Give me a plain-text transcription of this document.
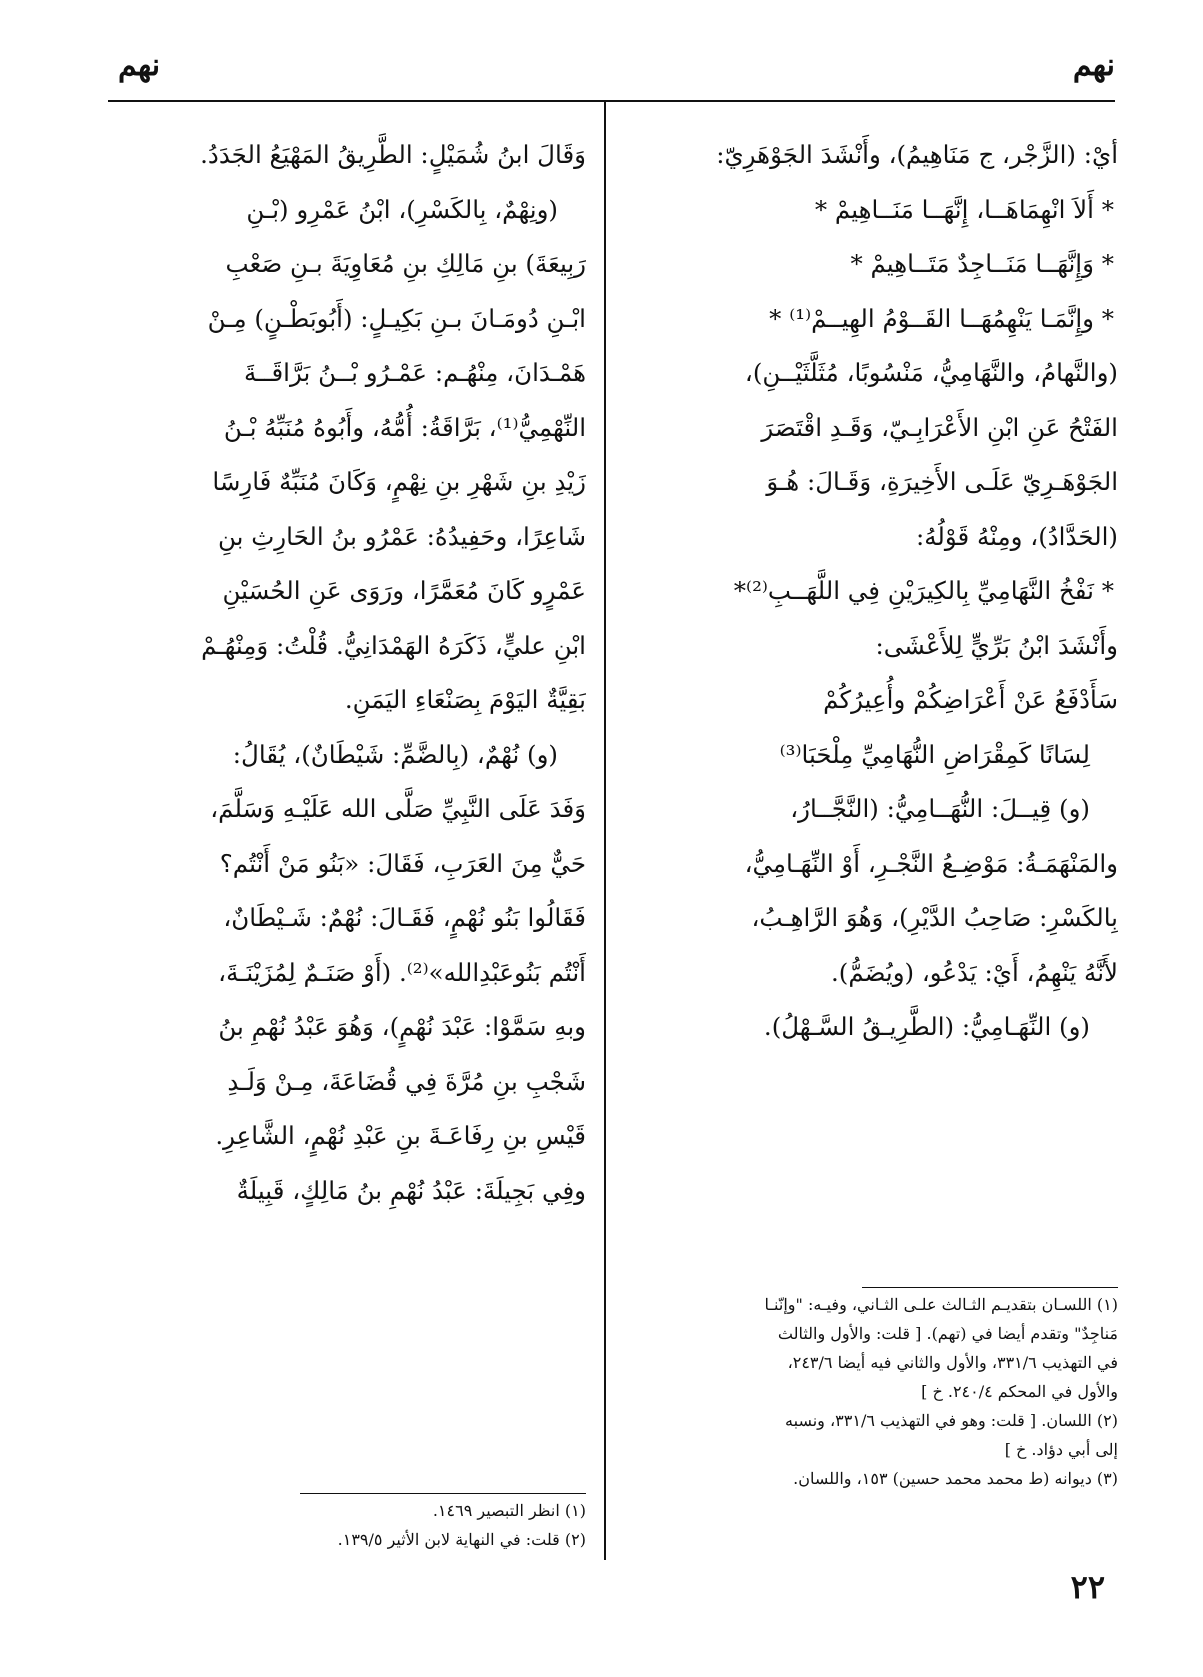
نهم
نهم
أيْ: (الزَّجْر، ج مَنَاهِيمُ)، وأَنْشَدَ الجَوْهَرِيّ:
* أَلاَ انْهِمَاهَــا، إِنَّهَــا مَنَــاهِيمْ *
* وَإِنَّهَــا مَنَــاجِدٌ مَتَــاهِيمْ *
* وإِنَّمَـا يَنْهِمُهَــا القَــوْمُ الهِيــمْ⁽¹⁾ *
(والنَّهامُ، والنَّهَامِيُّ، مَنْسُوبًا، مُثَلَّثَيْــنِ)،
الفَتْحُ عَنِ ابْنِ الأَعْرَابِـيّ، وَقَـدِ اقْتَصَرَ
الجَوْهَـرِيّ عَلَـى الأَخِيرَةِ، وَقَـالَ: هُـوَ
(الحَدَّادُ)، ومِنْهُ قَوْلُهُ:
* نَفْخُ النَّهَامِيِّ بِالكِيرَيْنِ فِي اللَّهَــبِ⁽²⁾*
وأَنْشَدَ ابْنُ بَرِّيٍّ لِلأَعْشَى:
سَأَدْفَعُ عَنْ أَعْرَاضِكُمْ وأُعِيرُكُمْ
لِسَانًا كَمِقْرَاضِ النُّهَامِيِّ مِلْحَبَا⁽³⁾
(و) قِيــلَ: النُّهَــامِيُّ: (النَّجَّــارُ،
والمَنْهَمَـةُ: مَوْضِـعُ النَّجْـرِ، أَوْ النِّهَـامِيُّ،
بِالكَسْرِ: صَاحِبُ الدَّيْرِ)، وَهُوَ الرَّاهِـبُ،
لأَنَّهُ يَنْهِمُ، أَيْ: يَدْعُو، (ويُضَمُّ).
(و) النِّهَـامِيُّ: (الطَّرِيـقُ السَّـهْلُ).
وَقَالَ ابنُ شُمَيْلٍ: الطَّرِيقُ المَهْيَعُ الجَدَدُ.
(ونِهْمٌ، بِالكَسْرِ)، ابْنُ عَمْرِو (بْـنِ
رَبِيعَةَ) بنِ مَالِكِ بنِ مُعَاوِيَةَ بـنِ صَعْبِ
ابْـنِ دُومَـانَ بـنِ بَكِيـلٍ: (أَبُوبَطْـنٍ) مِـنْ
هَمْـدَانَ، مِنْهُـم: عَمْـرُو بْــنُ بَرَّاقَــةَ
النِّهْمِيُّ⁽¹⁾، بَرَّاقَةُ: أُمُّهُ، وأَبُوهُ مُنَبِّهُ بْـنُ
زَيْدِ بنِ شَهْرِ بنِ نِهْمٍ، وَكَانَ مُنَبِّهٌ فَارِسًا
شَاعِرًا، وحَفِيدُهُ: عَمْرُو بنُ الحَارِثِ بنِ
عَمْرٍو كَانَ مُعَمَّرًا، ورَوَى عَنِ الحُسَيْنِ
ابْنِ عليٍّ، ذَكَرَهُ الهَمْدَانِيُّ. قُلْتُ: وَمِنْهُـمْ
بَقِيَّةٌ اليَوْمَ بِصَنْعَاءِ اليَمَنِ.
(و) نُهْمٌ، (بِالضَّمِّ: شَيْطَانٌ)، يُقَالُ:
وَفَدَ عَلَى النَّبِيِّ صَلَّى الله عَلَيْـهِ وَسَلَّمَ،
حَيٌّ مِنَ العَرَبِ، فَقَالَ: «بَنُو مَنْ أَنْتُم؟
فَقَالُوا بَنُو نُهْمٍ، فَقَـالَ: نُهْمٌ: شَـيْطَانٌ،
أَنْتُم بَنُوعَبْدِالله»⁽²⁾. (أَوْ صَنَـمٌ لِمُزَيْنَـةَ،
وبهِ سَمَّوْا: عَبْدَ نُهْمٍ)، وَهُوَ عَبْدُ نُهْمِ بنُ
شَجْبِ بنِ مُرَّةَ فِي قُضَاعَةَ، مِـنْ وَلَـدِ
قَيْسِ بنِ رِفَاعَـةَ بنِ عَبْدِ نُهْمٍ، الشَّاعِرِ.
وفِي بَجِيلَةَ: عَبْدُ نُهْمِ بنُ مَالِكٍ، قَبِيلَةٌ
(١) اللسـان بتقديـم الثـالث علـى الثـاني، وفيـه: "وإنّنـا
مَناجِدٌ" وتقدم أيضا في (تهم). [ قلت: والأول والثالث
في التهذيب ٣٣١/٦، والأول والثاني فيه أيضا ٢٤٣/٦،
والأول في المحكم ٢٤٠/٤. خ ]
(٢) اللسان. [ قلت: وهو في التهذيب ٣٣١/٦، ونسبه
إلى أبي دؤاد. خ ]
(٣) ديوانه (ط محمد محمد حسين) ١٥٣، واللسان.
(١) انظر التبصير ١٤٦٩.
(٢) قلت: في النهاية لابن الأثير ١٣٩/٥.
٢٢
